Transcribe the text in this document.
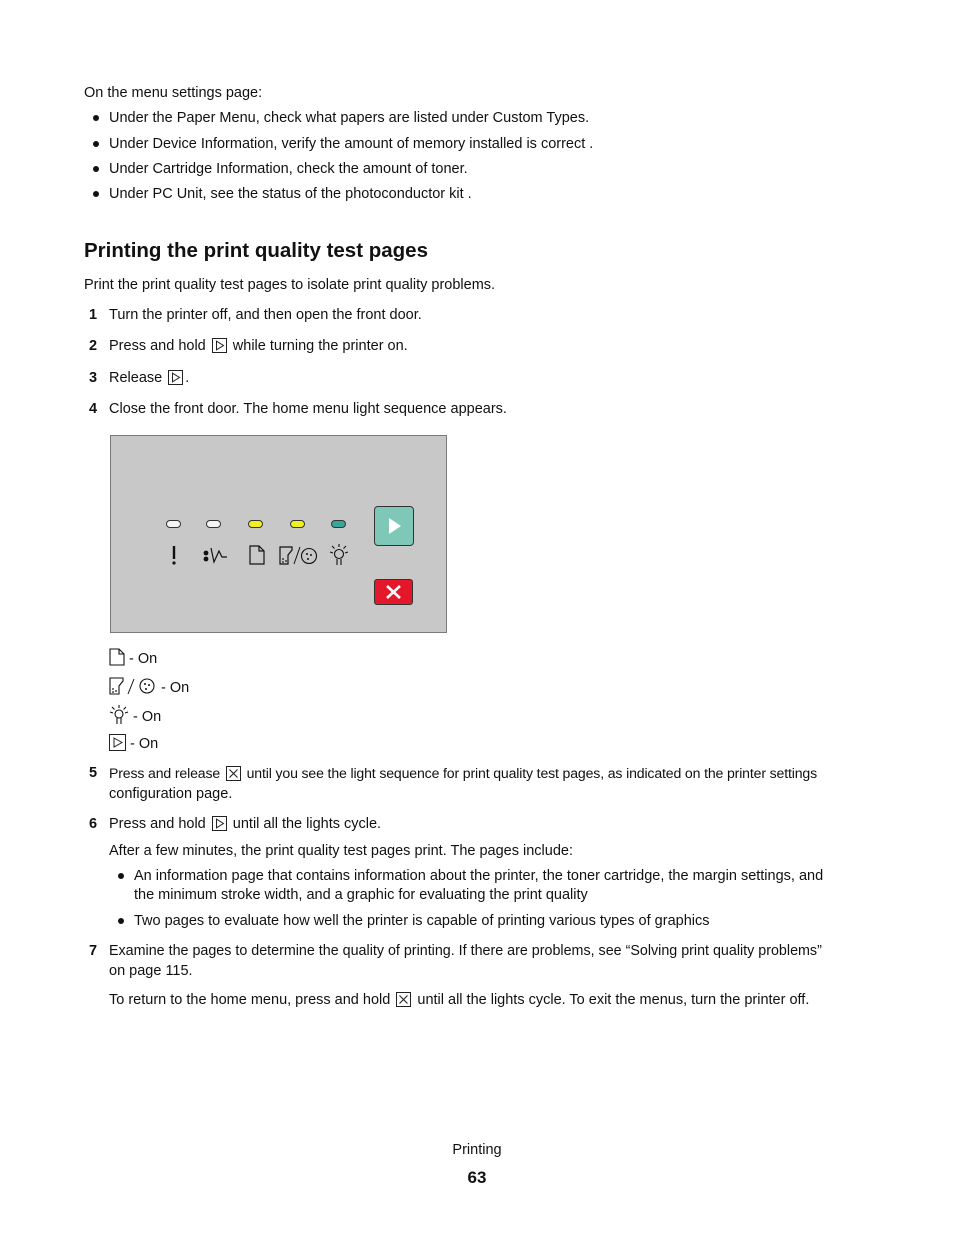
On the menu settings page:
Under the Paper Menu, check what papers are listed under Custom Types.
Under Device Information, verify the amount of memory installed is correct .
Under Cartridge Information, check the amount of toner.
Under PC Unit, see the status of the photoconductor kit .
Printing the print quality test pages
Print the print quality test pages to isolate print quality problems.
1 Turn the printer off, and then open the front door.
2 Press and hold while turning the printer on.
3 Release .
4 Close the front door. The home menu light sequence appears.
- On
- On
- On
- On
5 Press and release until you see the light sequence for print quality test pages, as indicated on the printer settings
configuration page.
6 Press and hold until all the lights cycle.
After a few minutes, the print quality test pages print. The pages include:
An information page that contains information about the printer, the toner cartridge, the margin settings, and
the minimum stroke width, and a graphic for evaluating the print quality
Two pages to evaluate how well the printer is capable of printing various types of graphics
7 Examine the pages to determine the quality of printing. If there are problems, see “Solving print quality problems”
on page 115.
To return to the home menu, press and hold until all the lights cycle. To exit the menus, turn the printer off.
Printing
63
